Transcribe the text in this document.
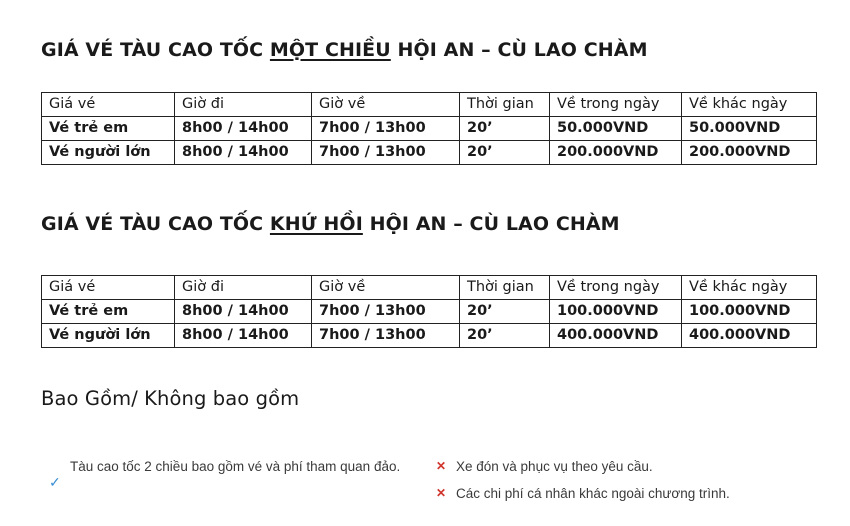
GIÁ VÉ TÀU CAO TỐC MỘT CHIỀU HỘI AN – CÙ LAO CHÀM
Giá vé	Giờ đi	Giờ về	Thời gian	Về trong ngày	Về khác ngày
Vé trẻ em	8h00 / 14h00	7h00 / 13h00	20’	50.000VND	50.000VND
Vé người lớn	8h00 / 14h00	7h00 / 13h00	20’	200.000VND	200.000VND
GIÁ VÉ TÀU CAO TỐC KHỨ HỒI HỘI AN – CÙ LAO CHÀM
Giá vé	Giờ đi	Giờ về	Thời gian	Về trong ngày	Về khác ngày
Vé trẻ em	8h00 / 14h00	7h00 / 13h00	20’	100.000VND	100.000VND
Vé người lớn	8h00 / 14h00	7h00 / 13h00	20’	400.000VND	400.000VND
Bao Gồm/ Không bao gồm
✓
Tàu cao tốc 2 chiều bao gồm vé và phí tham quan đảo.	✕ Xe đón và phục vụ theo yêu cầu.
✕ Các chi phí cá nhân khác ngoài chương trình.
